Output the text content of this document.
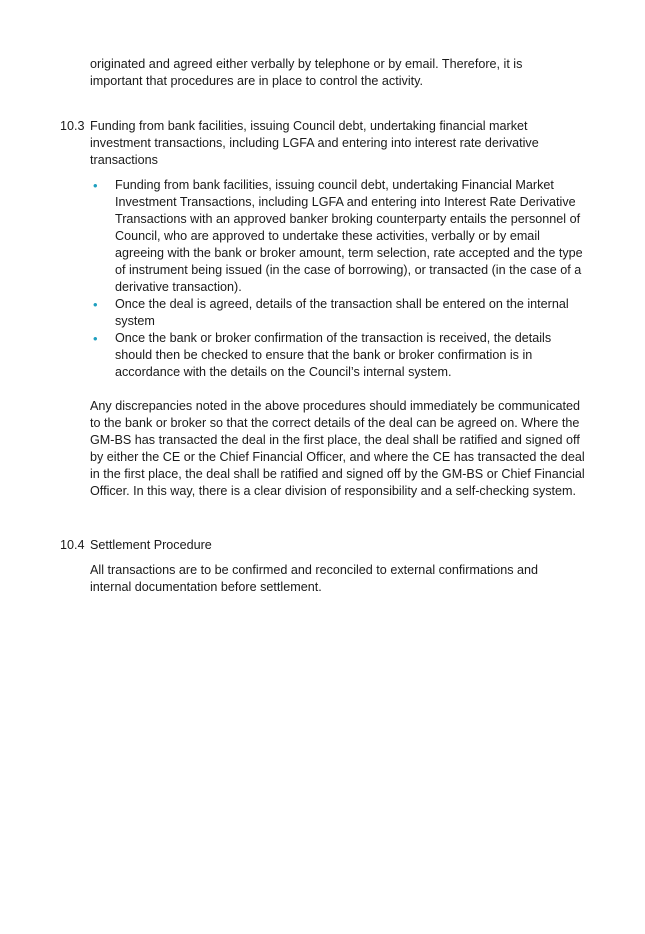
originated and agreed either verbally by telephone or by email. Therefore, it is important that procedures are in place to control the activity.

10.3 Funding from bank facilities, issuing Council debt, undertaking financial market investment transactions, including LGFA and entering into interest rate derivative transactions

• Funding from bank facilities, issuing council debt, undertaking Financial Market Investment Transactions, including LGFA and entering into Interest Rate Derivative Transactions with an approved banker broking counterparty entails the personnel of Council, who are approved to undertake these activities, verbally or by email agreeing with the bank or broker amount, term selection, rate accepted and the type of instrument being issued (in the case of borrowing), or transacted (in the case of a derivative transaction).
• Once the deal is agreed, details of the transaction shall be entered on the internal system
• Once the bank or broker confirmation of the transaction is received, the details should then be checked to ensure that the bank or broker confirmation is in accordance with the details on the Council’s internal system.

Any discrepancies noted in the above procedures should immediately be communicated to the bank or broker so that the correct details of the deal can be agreed on. Where the GM-BS has transacted the deal in the first place, the deal shall be ratified and signed off by either the CE or the Chief Financial Officer, and where the CE has transacted the deal in the first place, the deal shall be ratified and signed off by the GM-BS or Chief Financial Officer. In this way, there is a clear division of responsibility and a self-checking system.

10.4 Settlement Procedure

All transactions are to be confirmed and reconciled to external confirmations and internal documentation before settlement.
